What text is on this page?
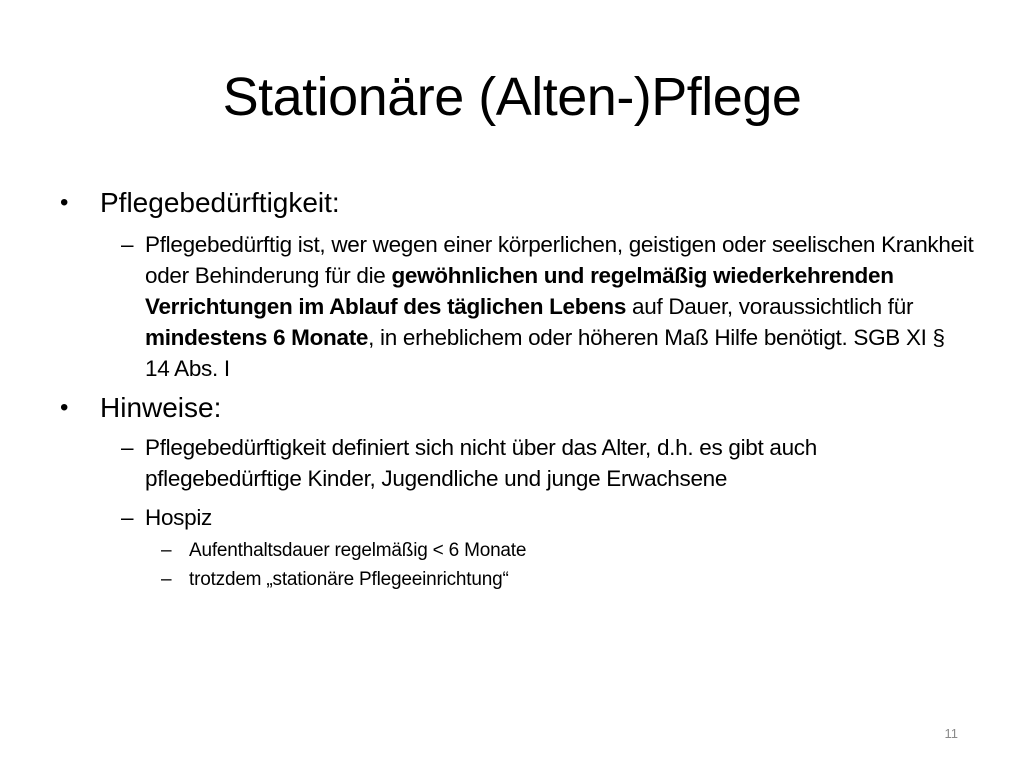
Stationäre (Alten-)Pflege
•	Pflegebedürftigkeit:
– Pflegebedürftig ist, wer wegen einer körperlichen, geistigen oder seelischen Krankheit oder Behinderung für die gewöhnlichen und regelmäßig wiederkehrenden Verrichtungen im Ablauf des täglichen Lebens auf Dauer, voraussichtlich für mindestens 6 Monate, in erheblichem oder höheren Maß Hilfe benötigt. SGB XI § 14 Abs. I
•	Hinweise:
– Pflegebedürftigkeit definiert sich nicht über das Alter, d.h. es gibt auch pflegebedürftige Kinder, Jugendliche und junge Erwachsene
– Hospiz
– Aufenthaltsdauer regelmäßig < 6 Monate
– trotzdem „stationäre Pflegeeinrichtung“
11
